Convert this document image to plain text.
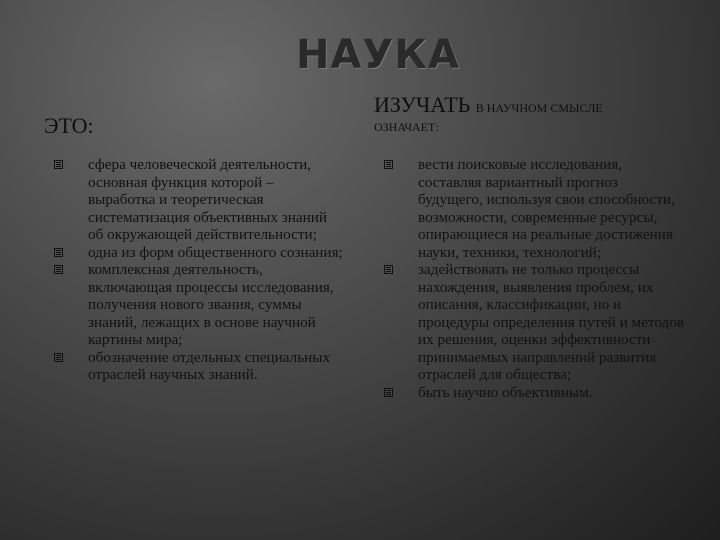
НАУКА
ЭТО:
ИЗУЧАТЬ В НАУЧНОМ СМЫСЛЕ
ОЗНАЧАЕТ:
сфера человеческой деятельности, основная функция которой – выработка и теоретическая систематизация объективных знаний об окружающей действительности;
одна из форм общественного сознания;
комплексная деятельность, включающая процессы исследования, получения нового звания, суммы знаний, лежащих в основе научной картины мира;
обозначение отдельных специальных отраслей научных знаний.
вести поисковые исследования, составляя вариантный прогноз будущего, используя свои способности, возможности, современные ресурсы, опирающиеся на реальные достижения науки, техники, технологий;
задействовать не только процессы нахождения, выявления проблем, их описания, классификации, но и процедуры определения путей и методов их решения, оценки эффективности принимаемых направлений развития отраслей для общества;
быть научно объективным.
